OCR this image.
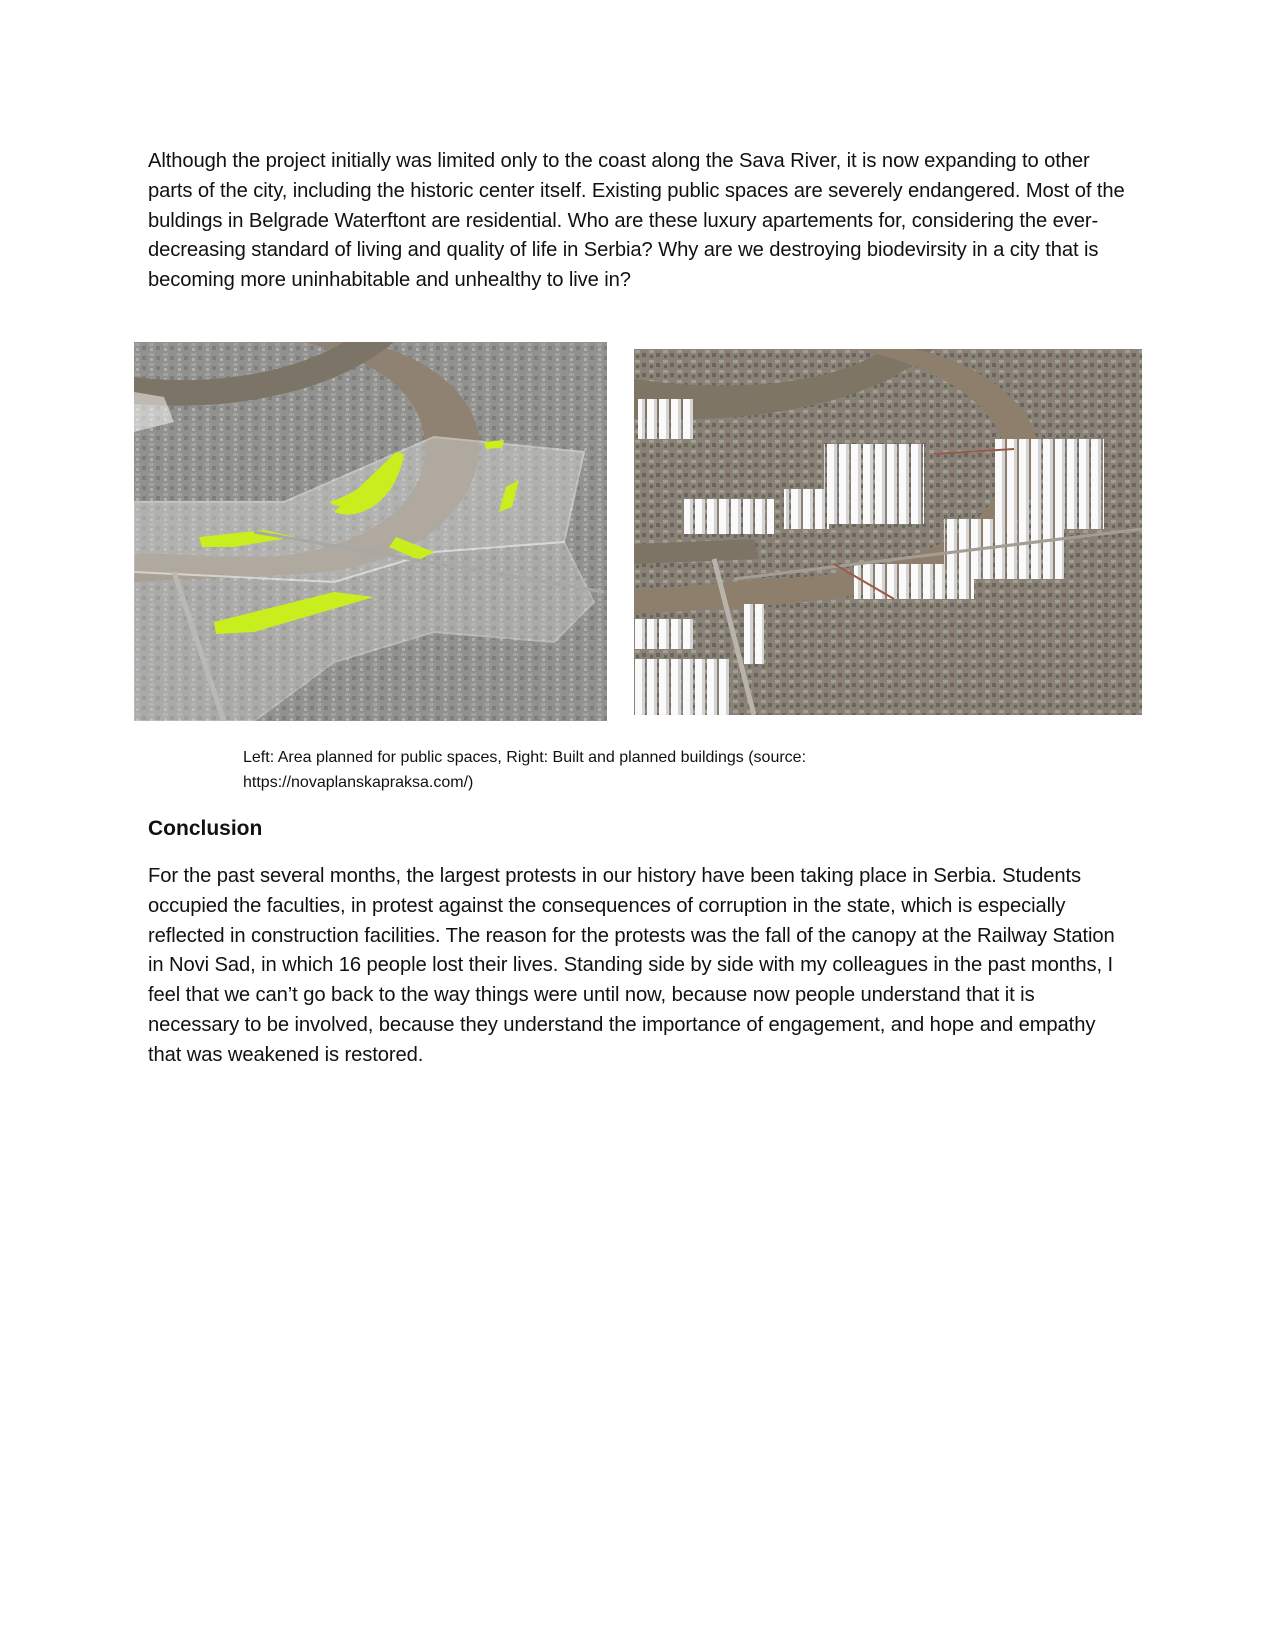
Although the project initially was limited only to the coast along the Sava River, it is now expanding to other parts of the city, including the historic center itself. Existing public spaces are severely endangered. Most of the buldings in Belgrade Waterftont are residential. Who are these luxury apartements for, considering the ever-decreasing standard of living and quality of life in Serbia? Why are we destroying biodevirsity in a city that is becoming more uninhabitable and unhealthy to live in?

Left: Area planned for public spaces, Right: Built and planned buildings (source:
https://novaplanskapraksa.com/)

Conclusion

For the past several months, the largest protests in our history have been taking place in Serbia. Students occupied the faculties, in protest against the consequences of corruption in the state, which is especially reflected in construction facilities. The reason for the protests was the fall of the canopy at the Railway Station in Novi Sad, in which 16 people lost their lives. Standing side by side with my colleagues in the past months, I feel that we can’t go back to the way things were until now, because now people understand that it is necessary to be involved, because they understand the importance of engagement, and hope and empathy that was weakened is restored.
